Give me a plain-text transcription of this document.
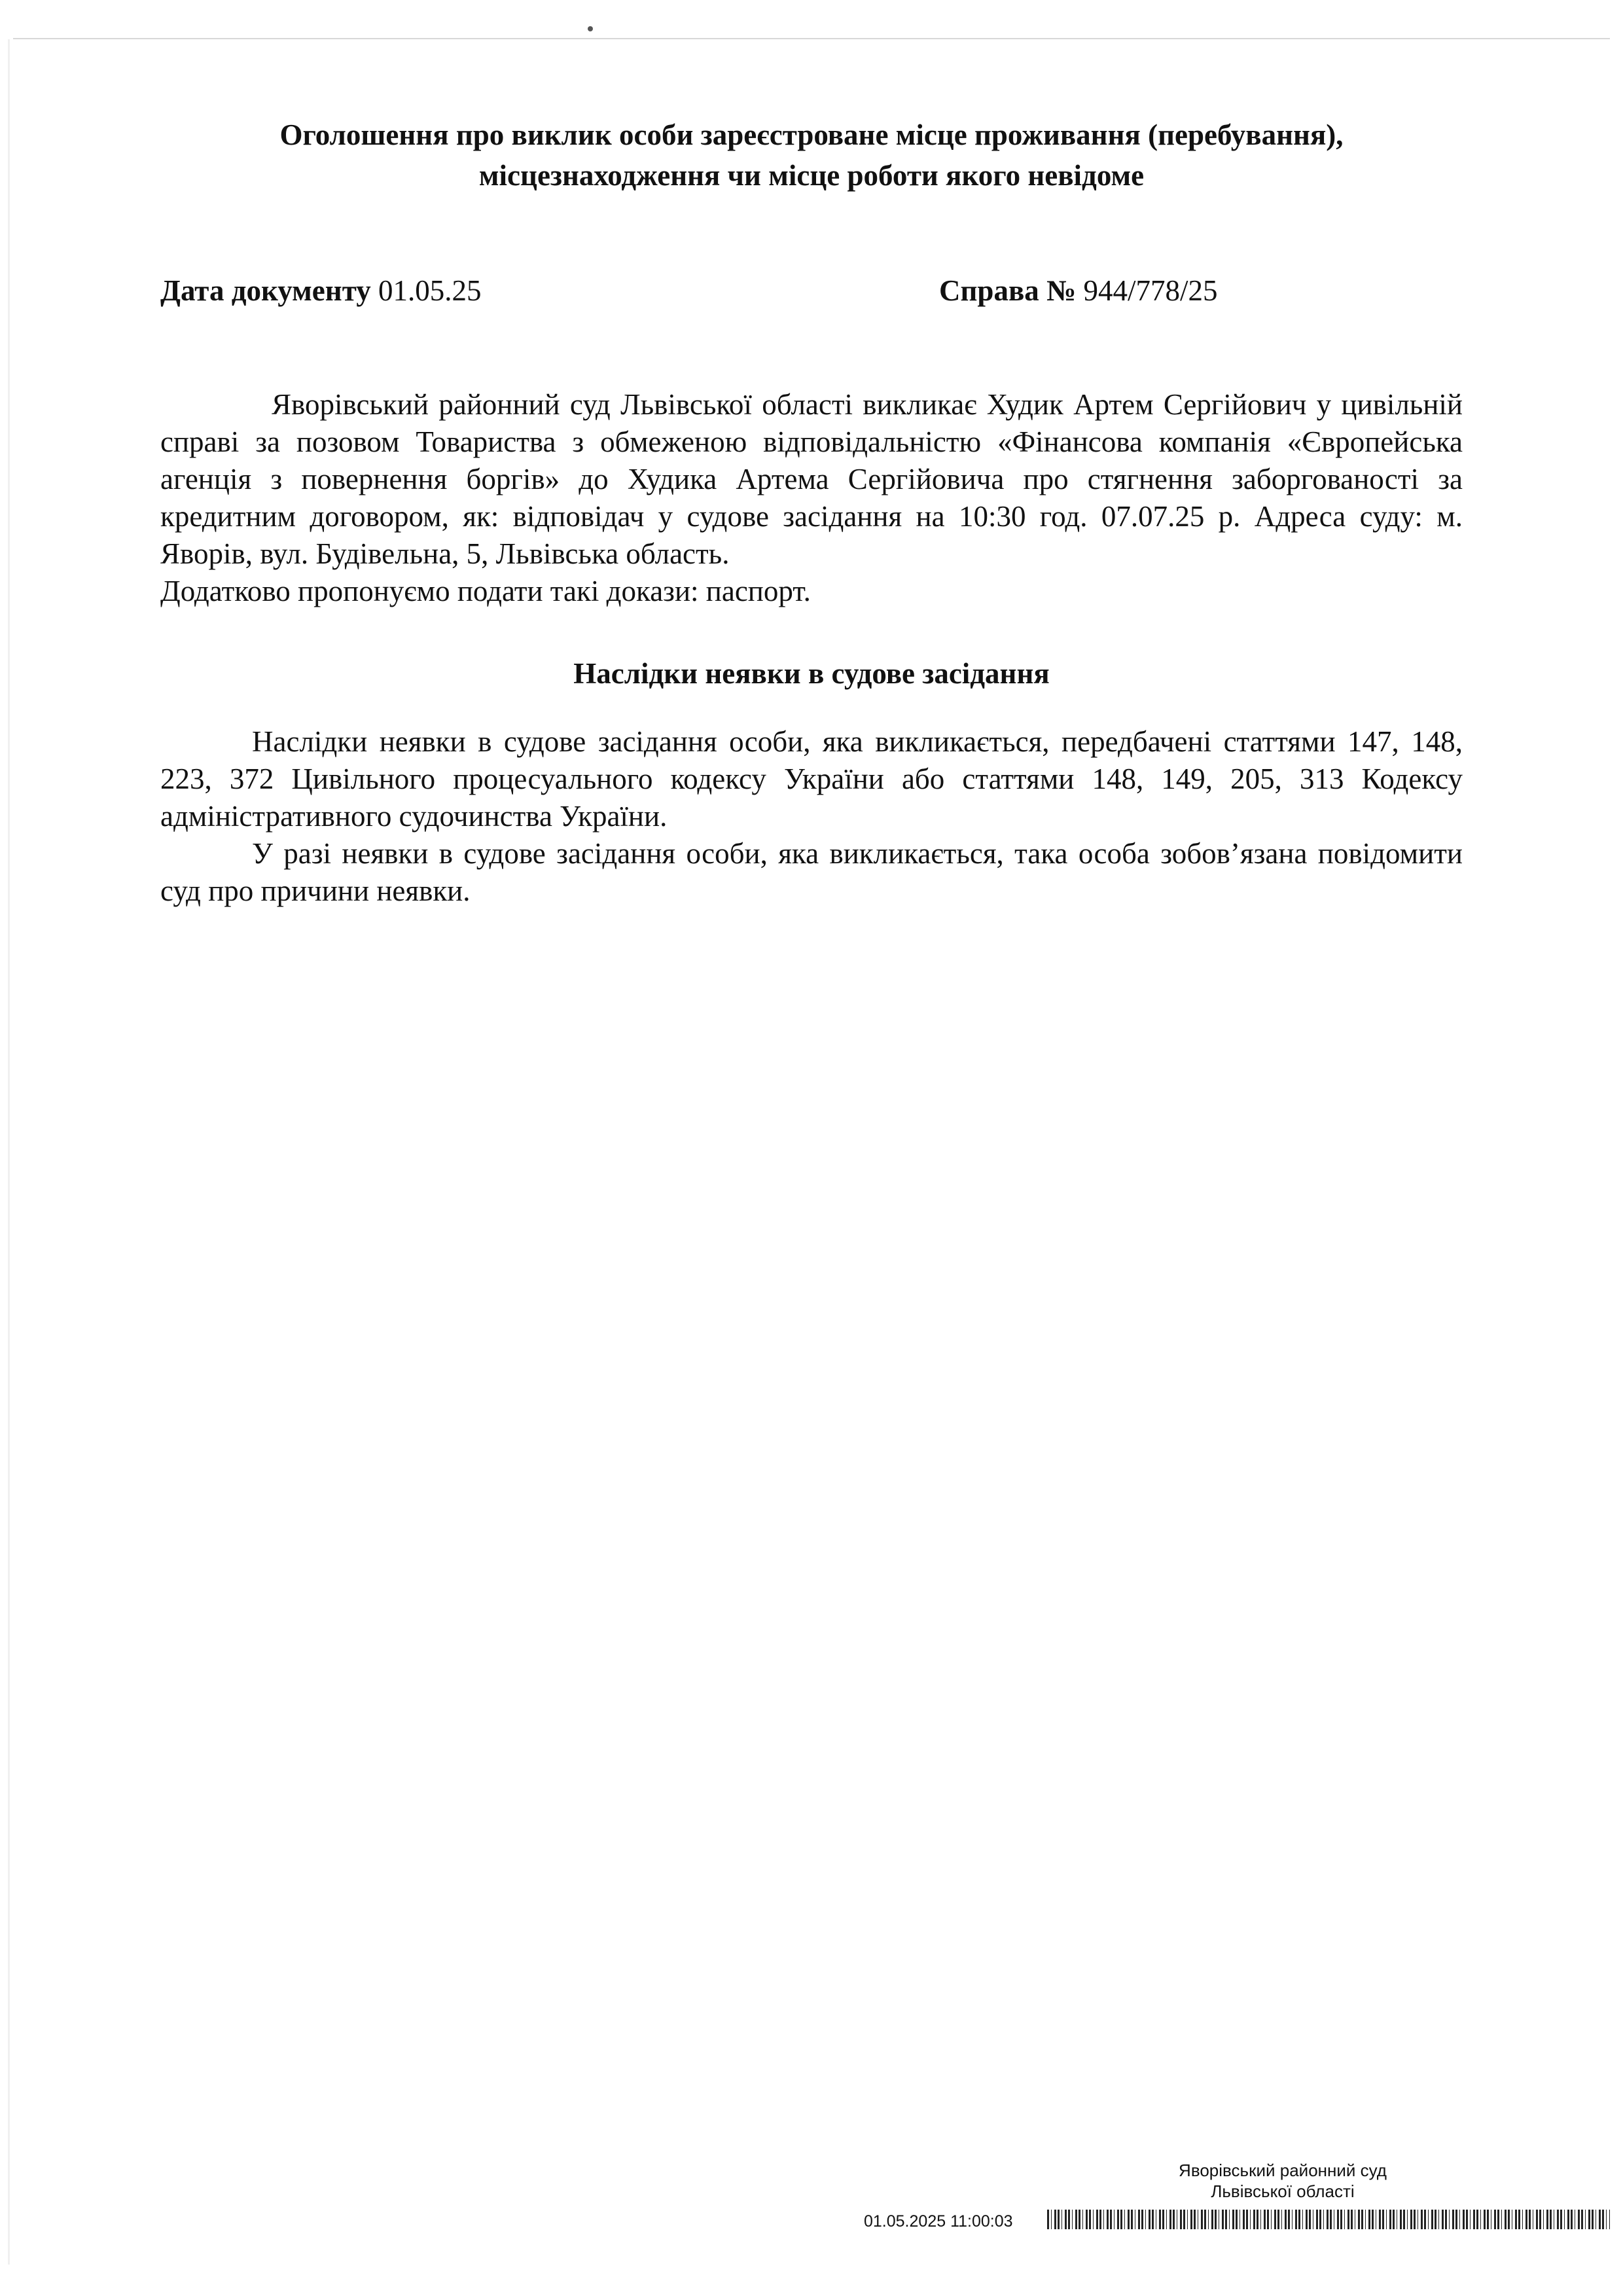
Оголошення про виклик особи зареєстроване місце проживання (перебування),
місцезнаходження чи місце роботи якого невідоме
Дата документу 01.05.25	Справа № 944/778/25

Яворівський районний суд Львівської області викликає Худик Артем Сергійович у цивільній справі за позовом Товариства з обмеженою відповідальністю «Фінансова компанія «Європейська агенція з повернення боргів» до Худика Артема Сергійовича про стягнення заборгованості за кредитним договором, як: відповідач у судове засідання на 10:30 год. 07.07.25 р. Адреса суду: м. Яворів, вул. Будівельна, 5, Львівська область.

Додатково пропонуємо подати такі докази: паспорт.

Наслідки неявки в судове засідання

Наслідки неявки в судове засідання особи, яка викликається, передбачені статтями 147, 148, 223, 372 Цивільного процесуального кодексу України або статтями 148, 149, 205, 313 Кодексу адміністративного судочинства України.

У разі неявки в судове засідання особи, яка викликається, така особа зобов’язана повідомити суд про причини неявки.

Яворівський районний суд
Львівської області
01.05.2025 11:00:03
